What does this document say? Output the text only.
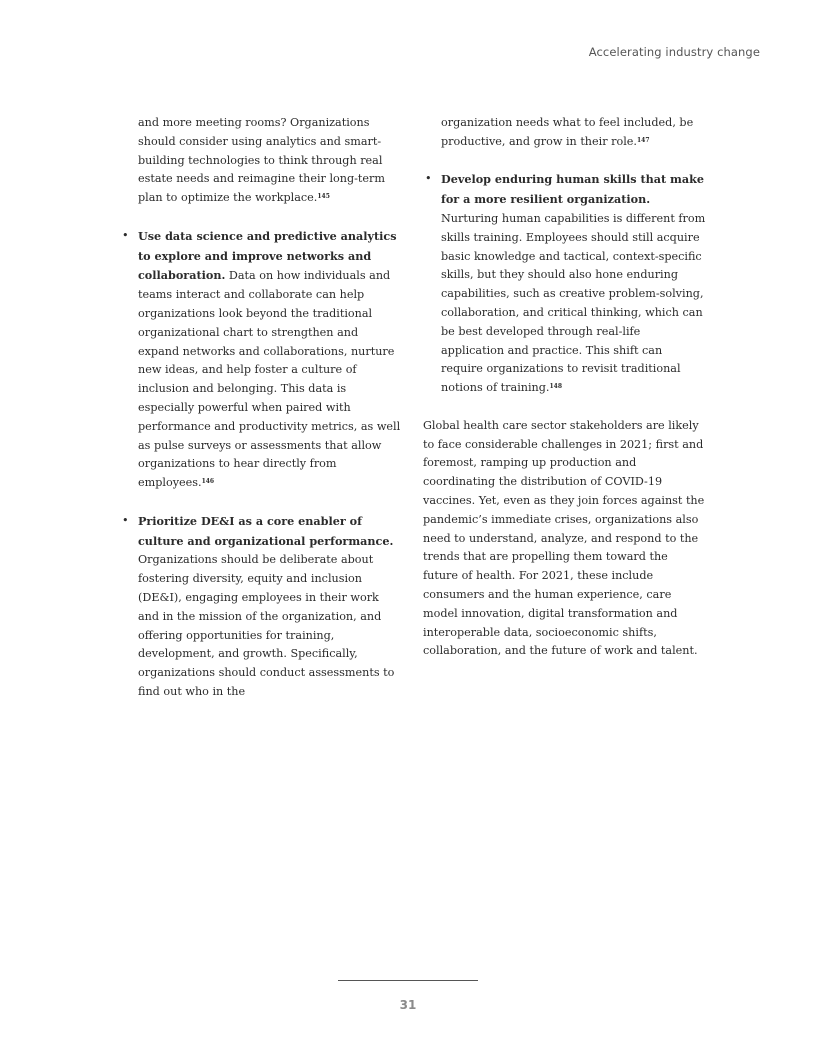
Accelerating industry change

and more meeting rooms? Organizations should consider using analytics and smart-building technologies to think through real estate needs and reimagine their long-term plan to optimize the workplace.$^{145}$

• Use data science and predictive analytics to explore and improve networks and collaboration. Data on how individuals and teams interact and collaborate can help organizations look beyond the traditional organizational chart to strengthen and expand networks and collaborations, nurture new ideas, and help foster a culture of inclusion and belonging. This data is especially powerful when paired with performance and productivity metrics, as well as pulse surveys or assessments that allow organizations to hear directly from employees.$^{146}$

• Prioritize DE&I as a core enabler of culture and organizational performance. Organizations should be deliberate about fostering diversity, equity and inclusion (DE&I), engaging employees in their work and in the mission of the organization, and offering opportunities for training, development, and growth. Specifically, organizations should conduct assessments to find out who in the

organization needs what to feel included, be productive, and grow in their role.$^{147}$

• Develop enduring human skills that make for a more resilient organization. Nurturing human capabilities is different from skills training. Employees should still acquire basic knowledge and tactical, context-specific skills, but they should also hone enduring capabilities, such as creative problem-solving, collaboration, and critical thinking, which can be best developed through real-life application and practice. This shift can require organizations to revisit traditional notions of training.$^{148}$

Global health care sector stakeholders are likely to face considerable challenges in 2021; first and foremost, ramping up production and coordinating the distribution of COVID-19 vaccines. Yet, even as they join forces against the pandemic’s immediate crises, organizations also need to understand, analyze, and respond to the trends that are propelling them toward the future of health. For 2021, these include consumers and the human experience, care model innovation, digital transformation and interoperable data, socioeconomic shifts, collaboration, and the future of work and talent.

31
